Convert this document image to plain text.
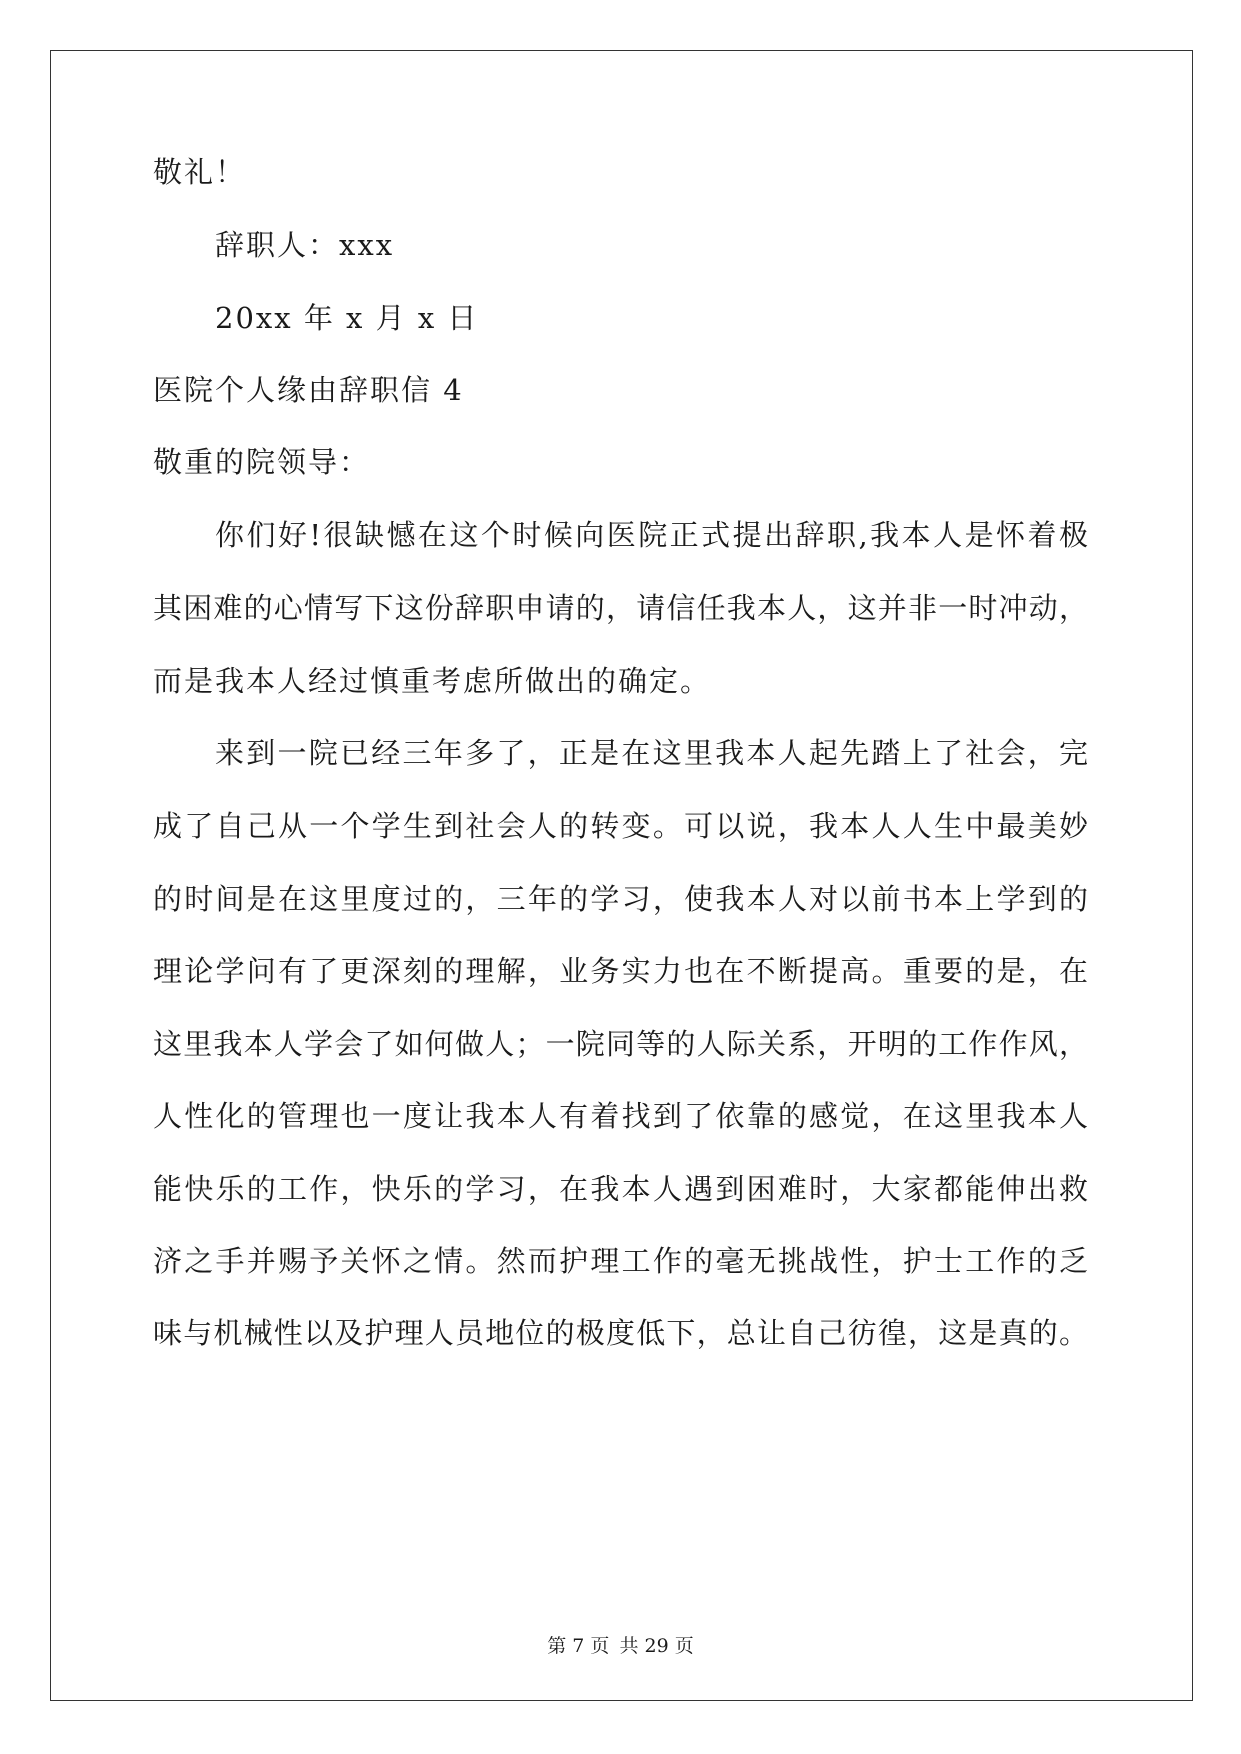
敬礼！
辞职人：xxx
20xx 年 x 月 x 日
医院个人缘由辞职信 4
敬重的院领导：
你们好!很缺憾在这个时候向医院正式提出辞职,我本人是怀着极
其困难的心情写下这份辞职申请的，请信任我本人，这并非一时冲动，
而是我本人经过慎重考虑所做出的确定。
来到一院已经三年多了，正是在这里我本人起先踏上了社会，完
成了自己从一个学生到社会人的转变。可以说，我本人人生中最美妙
的时间是在这里度过的，三年的学习，使我本人对以前书本上学到的
理论学问有了更深刻的理解，业务实力也在不断提高。重要的是，在
这里我本人学会了如何做人；一院同等的人际关系，开明的工作作风，
人性化的管理也一度让我本人有着找到了依靠的感觉，在这里我本人
能快乐的工作，快乐的学习，在我本人遇到困难时，大家都能伸出救
济之手并赐予关怀之情。然而护理工作的毫无挑战性，护士工作的乏
味与机械性以及护理人员地位的极度低下，总让自己彷徨，这是真的。
第 7 页 共 29 页
